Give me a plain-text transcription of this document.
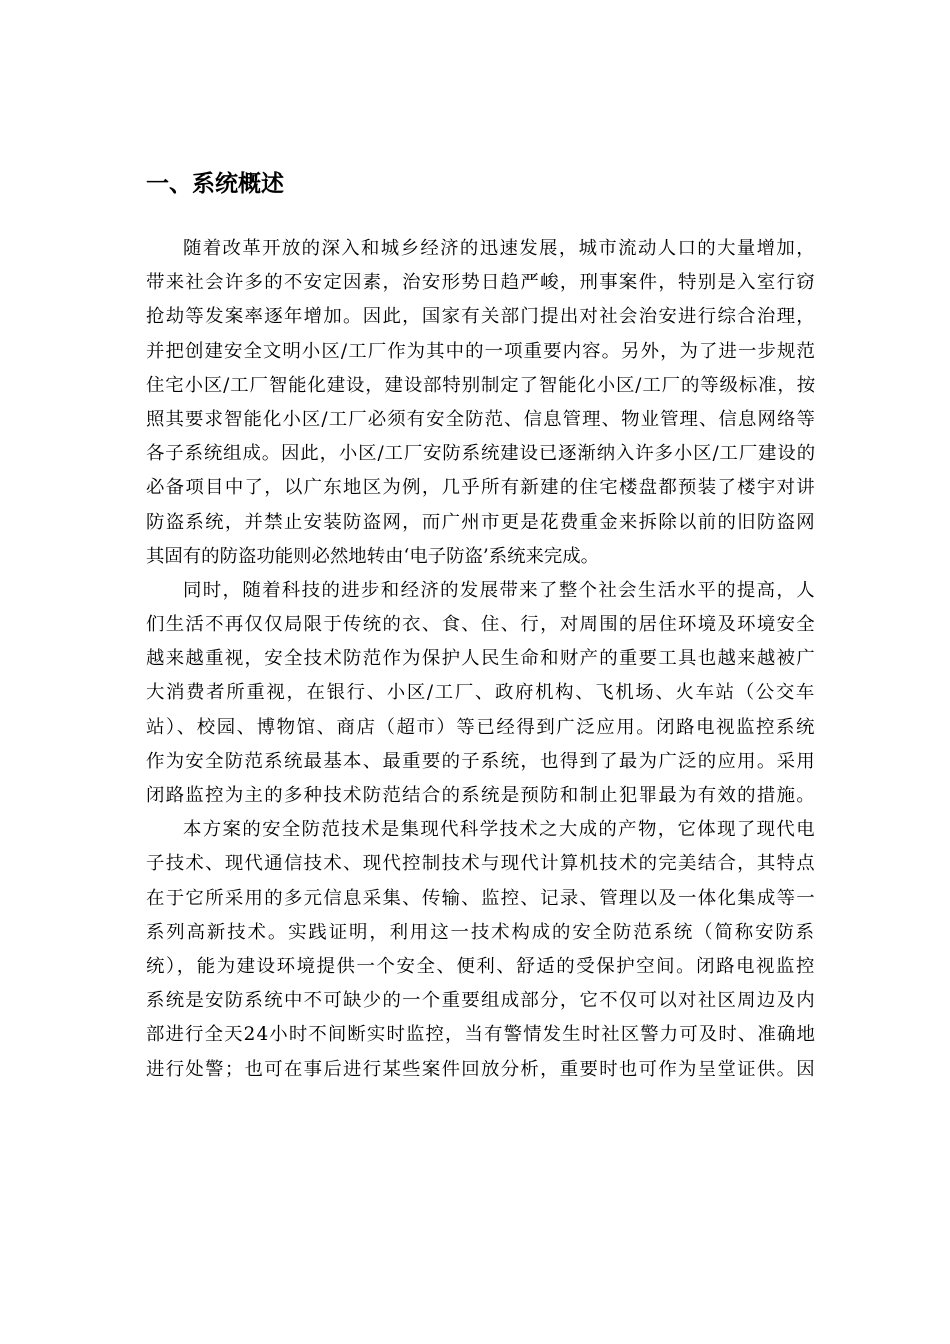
一、系统概述
随着改革开放的深入和城乡经济的迅速发展，城市流动人口的大量增加，
带来社会许多的不安定因素，治安形势日趋严峻，刑事案件，特别是入室行窃
抢劫等发案率逐年增加。因此，国家有关部门提出对社会治安进行综合治理，
并把创建安全文明小区/工厂作为其中的一项重要内容。另外，为了进一步规范
住宅小区/工厂智能化建设，建设部特别制定了智能化小区/工厂的等级标准，按
照其要求智能化小区/工厂必须有安全防范、信息管理、物业管理、信息网络等
各子系统组成。因此，小区/工厂安防系统建设已逐渐纳入许多小区/工厂建设的
必备项目中了，以广东地区为例，几乎所有新建的住宅楼盘都预装了楼宇对讲
防盗系统，并禁止安装防盗网，而广州市更是花费重金来拆除以前的旧防盗网
其固有的防盗功能则必然地转由‘电子防盗’系统来完成。
同时，随着科技的进步和经济的发展带来了整个社会生活水平的提高，人
们生活不再仅仅局限于传统的衣、食、住、行，对周围的居住环境及环境安全
越来越重视，安全技术防范作为保护人民生命和财产的重要工具也越来越被广
大消费者所重视，在银行、小区/工厂、政府机构、飞机场、火车站（公交车
站）、校园、博物馆、商店（超市）等已经得到广泛应用。闭路电视监控系统
作为安全防范系统最基本、最重要的子系统，也得到了最为广泛的应用。采用
闭路监控为主的多种技术防范结合的系统是预防和制止犯罪最为有效的措施。
本方案的安全防范技术是集现代科学技术之大成的产物，它体现了现代电
子技术、现代通信技术、现代控制技术与现代计算机技术的完美结合，其特点
在于它所采用的多元信息采集、传输、监控、记录、管理以及一体化集成等一
系列高新技术。实践证明，利用这一技术构成的安全防范系统（简称安防系
统），能为建设环境提供一个安全、便利、舒适的受保护空间。闭路电视监控
系统是安防系统中不可缺少的一个重要组成部分，它不仅可以对社区周边及内
部进行全天24小时不间断实时监控，当有警情发生时社区警力可及时、准确地
进行处警；也可在事后进行某些案件回放分析，重要时也可作为呈堂证供。因
